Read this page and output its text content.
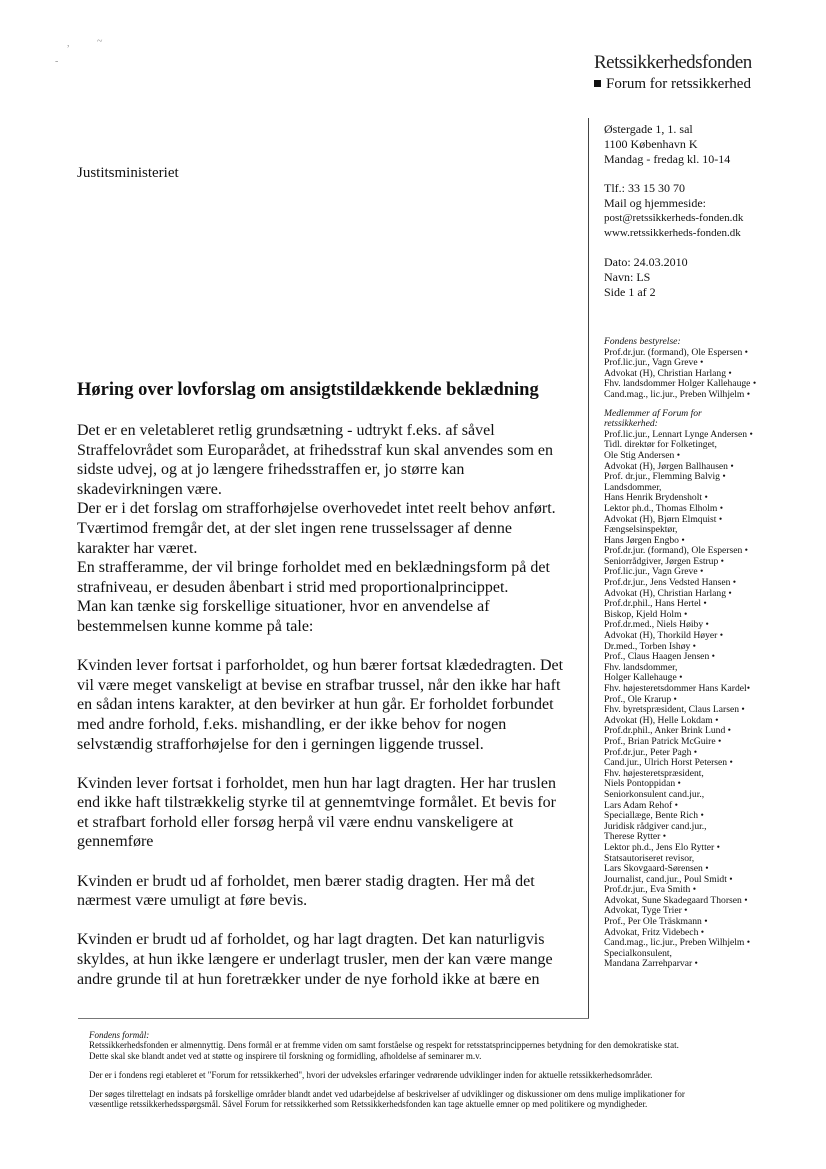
,	~
-	Retssikkerhedsfonden
Forum for retssikkerhed
Justitsministeriet
Østergade 1, 1. sal
1100 København K
Mandag - fredag kl. 10-14
Tlf.: 33 15 30 70
Mail og hjemmeside:
post@retssikkerheds-fonden.dk
www.retssikkerheds-fonden.dk
Dato: 24.03.2010
Navn: LS
Side 1 af 2
Fondens bestyrelse:
Prof.dr.jur. (formand), Ole Espersen •
Prof.lic.jur., Vagn Greve •
Advokat (H), Christian Harlang •
Fhv. landsdommer Holger Kallehauge •
Cand.mag., lic.jur., Preben Wilhjelm •
Medlemmer af Forum for
retssikkerhed:
Prof.lic.jur., Lennart Lynge Andersen •
Tidl. direktør for Folketinget,
Ole Stig Andersen •
Advokat (H), Jørgen Ballhausen •
Prof. dr.jur., Flemming Balvig •
Landsdommer,
Hans Henrik Brydensholt •
Lektor ph.d., Thomas Elholm •
Advokat (H), Bjørn Elmquist •
Fængselsinspektør,
Hans Jørgen Engbo •
Prof.dr.jur. (formand), Ole Espersen •
Seniorrådgiver, Jørgen Estrup •
Prof.lic.jur., Vagn Greve •
Prof.dr.jur., Jens Vedsted Hansen •
Advokat (H), Christian Harlang •
Prof.dr.phil., Hans Hertel •
Biskop, Kjeld Holm •
Prof.dr.med., Niels Høiby •
Advokat (H), Thorkild Høyer •
Dr.med., Torben Ishøy •
Prof., Claus Haagen Jensen •
Fhv. landsdommer,
Holger Kallehauge •
Fhv. højesteretsdommer Hans Kardel•
Prof., Ole Krarup •
Fhv. byretspræsident, Claus Larsen •
Advokat (H), Helle Lokdam •
Prof.dr.phil., Anker Brink Lund •
Prof., Brian Patrick McGuire •
Prof.dr.jur., Peter Pagh •
Cand.jur., Ulrich Horst Petersen •
Fhv. højesteretspræsident,
Niels Pontoppidan •
Seniorkonsulent cand.jur.,
Lars Adam Rehof •
Speciallæge, Bente Rich •
Juridisk rådgiver cand.jur.,
Therese Rytter •
Lektor ph.d., Jens Elo Rytter •
Statsautoriseret revisor,
Lars Skovgaard-Sørensen •
Journalist, cand.jur., Poul Smidt •
Prof.dr.jur., Eva Smith •
Advokat, Sune Skadegaard Thorsen •
Advokat, Tyge Trier •
Prof., Per Ole Träskmann •
Advokat, Fritz Videbech •
Cand.mag., lic.jur., Preben Wilhjelm •
Specialkonsulent,
Mandana Zarrehparvar •
Høring over lovforslag om ansigtstildækkende beklædning

Det er en veletableret retlig grundsætning - udtrykt f.eks. af såvel

Straffelovrådet som Europarådet, at frihedsstraf kun skal anvendes som en

sidste udvej, og at jo længere frihedsstraffen er, jo større kan

skadevirkningen være.

Der er i det forslag om strafforhøjelse overhovedet intet reelt behov anført.

Tværtimod fremgår det, at der slet ingen rene trusselssager af denne

karakter har været.

En strafferamme, der vil bringe forholdet med en beklædningsform på det

strafniveau, er desuden åbenbart i strid med proportionalprincippet.

Man kan tænke sig forskellige situationer, hvor en anvendelse af

bestemmelsen kunne komme på tale:

Kvinden lever fortsat i parforholdet, og hun bærer fortsat klædedragten. Det

vil være meget vanskeligt at bevise en strafbar trussel, når den ikke har haft

en sådan intens karakter, at den bevirker at hun går. Er forholdet forbundet

med andre forhold, f.eks. mishandling, er der ikke behov for nogen

selvstændig strafforhøjelse for den i gerningen liggende trussel.

Kvinden lever fortsat i forholdet, men hun har lagt dragten. Her har truslen

end ikke haft tilstrækkelig styrke til at gennemtvinge formålet. Et bevis for

et strafbart forhold eller forsøg herpå vil være endnu vanskeligere at

gennemføre

Kvinden er brudt ud af forholdet, men bærer stadig dragten. Her må det

nærmest være umuligt at føre bevis.

Kvinden er brudt ud af forholdet, og har lagt dragten. Det kan naturligvis

skyldes, at hun ikke længere er underlagt trusler, men der kan være mange

andre grunde til at hun foretrækker under de nye forhold ikke at bære en

Fondens formål:

Retssikkerhedsfonden er almennyttig. Dens formål er at fremme viden om samt forståelse og respekt for retsstatsprincippernes betydning for den demokratiske stat.

Dette skal ske blandt andet ved at støtte og inspirere til forskning og formidling, afholdelse af seminarer m.v.

Der er i fondens regi etableret et "Forum for retssikkerhed", hvori der udveksles erfaringer vedrørende udviklinger inden for aktuelle retssikkerhedsområder.

Der søges tilrettelagt en indsats på forskellige områder blandt andet ved udarbejdelse af beskrivelser af udviklinger og diskussioner om dens mulige implikationer for

væsentlige retssikkerhedsspørgsmål. Såvel Forum for retssikkerhed som Retssikkerhedsfonden kan tage aktuelle emner op med politikere og myndigheder.
